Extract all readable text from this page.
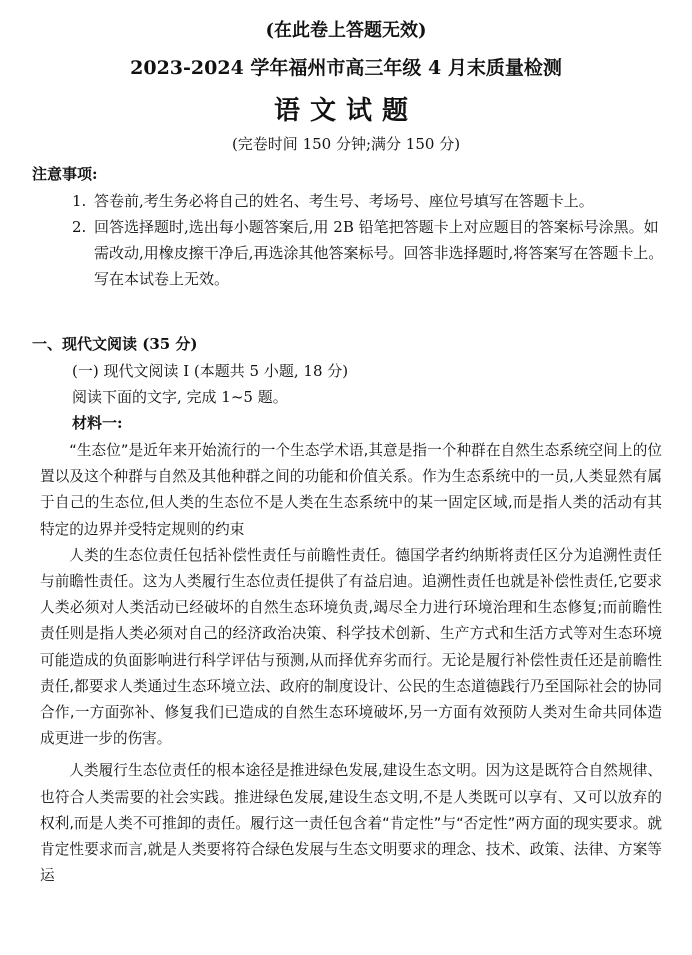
(在此卷上答题无效)
2023-2024 学年福州市高三年级 4 月末质量检测
语文试题
(完卷时间 150 分钟;满分 150 分)
注意事项:
1. 答卷前,考生务必将自己的姓名、考生号、考场号、座位号填写在答题卡上。
2. 回答选择题时,选出每小题答案后,用 2B 铅笔把答题卡上对应题目的答案标号涂黑。如需改动,用橡皮擦干净后,再选涂其他答案标号。回答非选择题时,将答案写在答题卡上。写在本试卷上无效。
一、现代文阅读 (35 分)
(一) 现代文阅读 I (本题共 5 小题, 18 分)
阅读下面的文字, 完成 1~5 题。
材料一:

“生态位”是近年来开始流行的一个生态学术语,其意是指一个种群在自然生态系统空间上的位置以及这个种群与自然及其他种群之间的功能和价值关系。作为生态系统中的一员,人类显然有属于自己的生态位,但人类的生态位不是人类在生态系统中的某一固定区域,而是指人类的活动有其特定的边界并受特定规则的约束

人类的生态位责任包括补偿性责任与前瞻性责任。德国学者约纳斯将责任区分为追溯性责任与前瞻性责任。这为人类履行生态位责任提供了有益启迪。追溯性责任也就是补偿性责任,它要求人类必须对人类活动已经破坏的自然生态环境负责,竭尽全力进行环境治理和生态修复;而前瞻性责任则是指人类必须对自己的经济政治决策、科学技术创新、生产方式和生活方式等对生态环境可能造成的负面影响进行科学评估与预测,从而择优弃劣而行。无论是履行补偿性责任还是前瞻性责任,都要求人类通过生态环境立法、政府的制度设计、公民的生态道德践行乃至国际社会的协同合作,一方面弥补、修复我们已造成的自然生态环境破坏,另一方面有效预防人类对生命共同体造成更进一步的伤害。

人类履行生态位责任的根本途径是推进绿色发展,建设生态文明。因为这是既符合自然规律、也符合人类需要的社会实践。推进绿色发展,建设生态文明,不是人类既可以享有、又可以放弃的权利,而是人类不可推卸的责任。履行这一责任包含着“肯定性”与“否定性”两方面的现实要求。就肯定性要求而言,就是人类要将符合绿色发展与生态文明要求的理念、技术、政策、法律、方案等运
